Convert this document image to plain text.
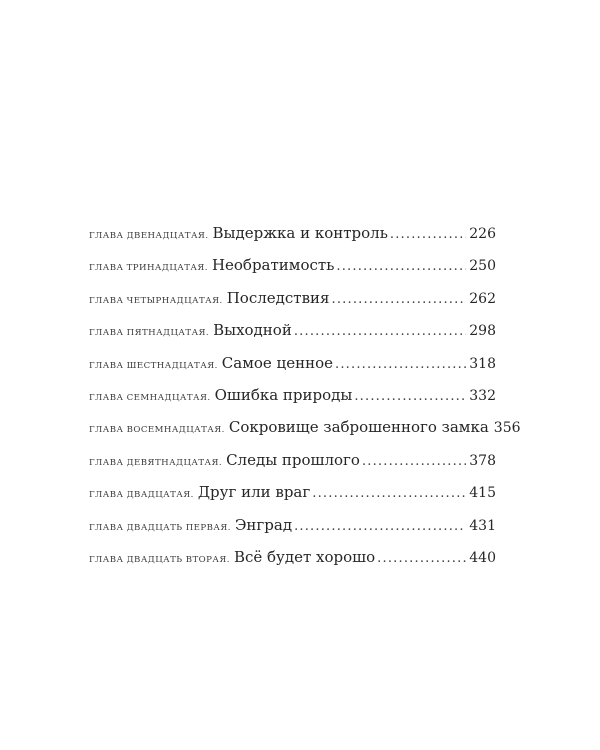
ГЛАВА ДВЕНАДЦАТАЯ. Выдержка и контроль .....	226
ГЛАВА ТРИНАДЦАТАЯ. Необратимость .....	250
ГЛАВА ЧЕТЫРНАДЦАТАЯ. Последствия .....	262
ГЛАВА ПЯТНАДЦАТАЯ. Выходной .....	298
ГЛАВА ШЕСТНАДЦАТАЯ. Самое ценное .....	318
ГЛАВА СЕМНАДЦАТАЯ. Ошибка природы .....	332
ГЛАВА ВОСЕМНАДЦАТАЯ. Сокровище заброшенного замка 356
ГЛАВА ДЕВЯТНАДЦАТАЯ. Следы прошлого .....	378
ГЛАВА ДВАДЦАТАЯ. Друг или враг .....	415
ГЛАВА ДВАДЦАТЬ ПЕРВАЯ. Энград .....	431
ГЛАВА ДВАДЦАТЬ ВТОРАЯ. Всё будет хорошо .....	440
